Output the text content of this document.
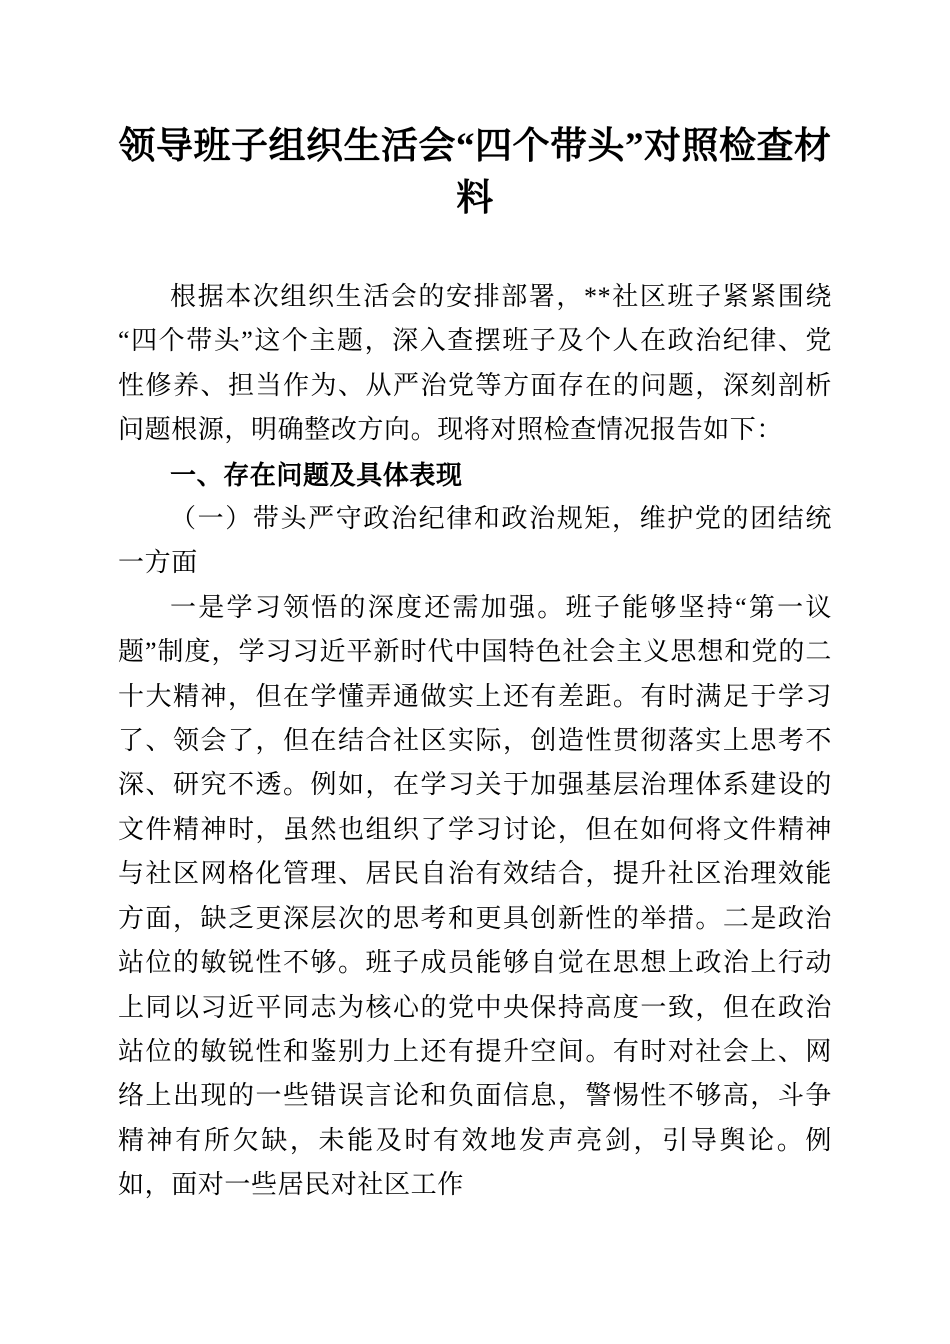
领导班子组织生活会“四个带头”对照检查材料

根据本次组织生活会的安排部署，**社区班子紧紧围绕“四个带头”这个主题，深入查摆班子及个人在政治纪律、党性修养、担当作为、从严治党等方面存在的问题，深刻剖析问题根源，明确整改方向。现将对照检查情况报告如下：

一、存在问题及具体表现
（一）带头严守政治纪律和政治规矩，维护党的团结统一方面

一是学习领悟的深度还需加强。班子能够坚持“第一议题”制度，学习习近平新时代中国特色社会主义思想和党的二十大精神，但在学懂弄通做实上还有差距。有时满足于学习了、领会了，但在结合社区实际，创造性贯彻落实上思考不深、研究不透。例如，在学习关于加强基层治理体系建设的文件精神时，虽然也组织了学习讨论，但在如何将文件精神与社区网格化管理、居民自治有效结合，提升社区治理效能方面，缺乏更深层次的思考和更具创新性的举措。二是政治站位的敏锐性不够。班子成员能够自觉在思想上政治上行动上同以习近平同志为核心的党中央保持高度一致，但在政治站位的敏锐性和鉴别力上还有提升空间。有时对社会上、网络上出现的一些错误言论和负面信息，警惕性不够高，斗争精神有所欠缺，未能及时有效地发声亮剑，引导舆论。例如，面对一些居民对社区工作
